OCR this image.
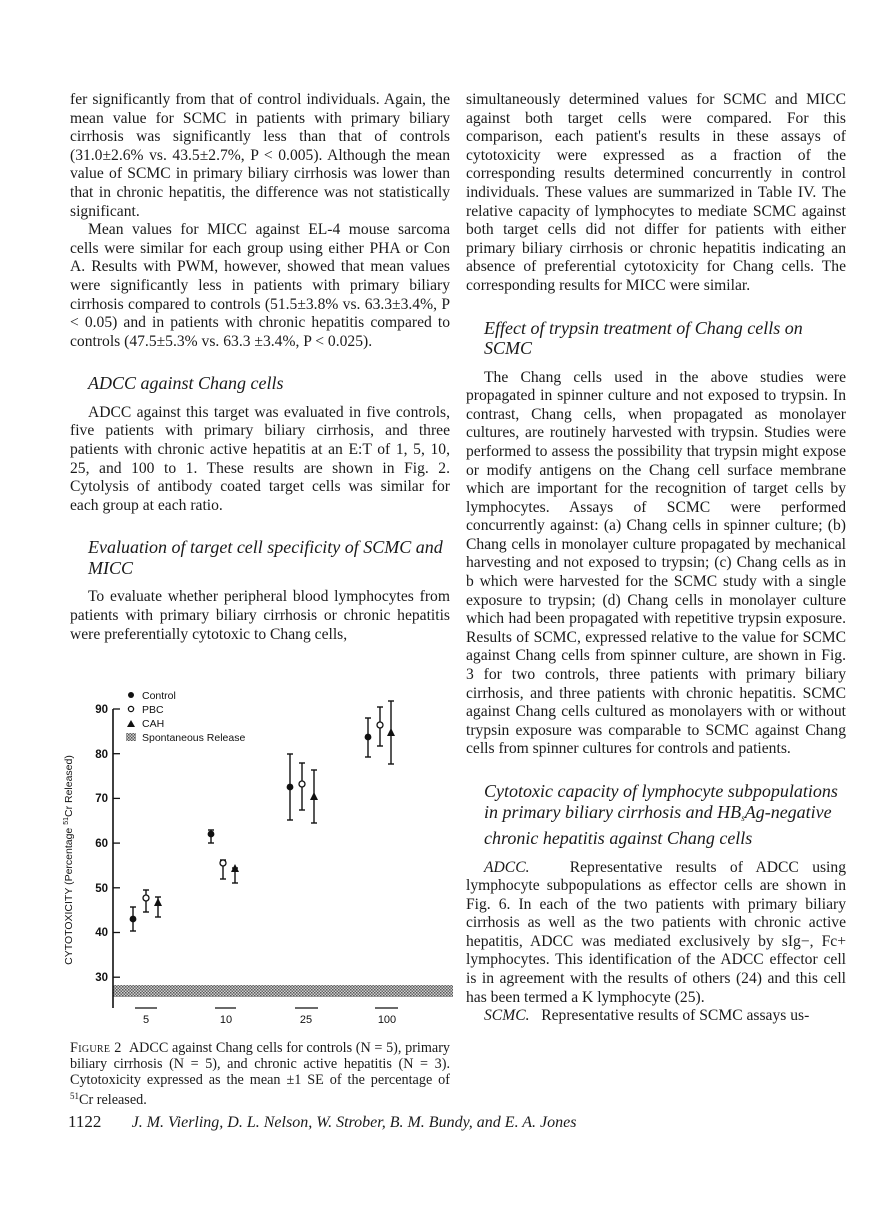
fer significantly from that of control individuals. Again, the mean value for SCMC in patients with primary biliary cirrhosis was significantly less than that of controls (31.0±2.6% vs. 43.5±2.7%, P < 0.005). Although the mean value of SCMC in primary biliary cirrhosis was lower than that in chronic hepatitis, the difference was not statistically significant.

Mean values for MICC against EL-4 mouse sarcoma cells were similar for each group using either PHA or Con A. Results with PWM, however, showed that mean values were significantly less in patients with primary biliary cirrhosis compared to controls (51.5±3.8% vs. 63.3±3.4%, P < 0.05) and in patients with chronic hepatitis compared to controls (47.5±5.3% vs. 63.3 ±3.4%, P < 0.025).

ADCC against Chang cells

ADCC against this target was evaluated in five controls, five patients with primary biliary cirrhosis, and three patients with chronic active hepatitis at an E:T of 1, 5, 10, 25, and 100 to 1. These results are shown in Fig. 2. Cytolysis of antibody coated target cells was similar for each group at each ratio.

Evaluation of target cell specificity of SCMC and MICC

To evaluate whether peripheral blood lymphocytes from patients with primary biliary cirrhosis or chronic hepatitis were preferentially cytotoxic to Chang cells,

90
80
70
60
50
40
30
CYTOTOXICITY (Percentage $^{51}$Cr Released)
5	10	25	100
Control
PBC
CAH
Spontaneous Release
Figure 2 ADCC against Chang cells for controls (N = 5), primary biliary cirrhosis (N = 5), and chronic active hepatitis (N = 3). Cytotoxicity expressed as the mean ±1 SE of the percentage of $^{51}$Cr released.

simultaneously determined values for SCMC and MICC against both target cells were compared. For this comparison, each patient's results in these assays of cytotoxicity were expressed as a fraction of the corresponding results determined concurrently in control individuals. These values are summarized in Table IV. The relative capacity of lymphocytes to mediate SCMC against both target cells did not differ for patients with either primary biliary cirrhosis or chronic hepatitis indicating an absence of preferential cytotoxicity for Chang cells. The corresponding results for MICC were similar.

Effect of trypsin treatment of Chang cells on SCMC

The Chang cells used in the above studies were propagated in spinner culture and not exposed to trypsin. In contrast, Chang cells, when propagated as monolayer cultures, are routinely harvested with trypsin. Studies were performed to assess the possibility that trypsin might expose or modify antigens on the Chang cell surface membrane which are important for the recognition of target cells by lymphocytes. Assays of SCMC were performed concurrently against: (a) Chang cells in spinner culture; (b) Chang cells in monolayer culture propagated by mechanical harvesting and not exposed to trypsin; (c) Chang cells as in b which were harvested for the SCMC study with a single exposure to trypsin; (d) Chang cells in monolayer culture which had been propagated with repetitive trypsin exposure. Results of SCMC, expressed relative to the value for SCMC against Chang cells from spinner culture, are shown in Fig. 3 for two controls, three patients with primary biliary cirrhosis, and three patients with chronic hepatitis. SCMC against Chang cells cultured as monolayers with or without trypsin exposure was comparable to SCMC against Chang cells from spinner cultures for controls and patients.

Cytotoxic capacity of lymphocyte subpopulations in primary biliary cirrhosis and $HB_sAg$-negative chronic hepatitis against Chang cells

ADCC.	Representative results of ADCC using lymphocyte subpopulations as effector cells are shown in Fig. 6. In each of the two patients with primary biliary cirrhosis as well as the two patients with chronic active hepatitis, ADCC was mediated exclusively by sIg−, Fc+ lymphocytes. This identification of the ADCC effector cell is in agreement with the results of others (24) and this cell has been termed a K lymphocyte (25).

SCMC. Representative results of SCMC assays us-

1122 J. M. Vierling, D. L. Nelson, W. Strober, B. M. Bundy, and E. A. Jones
